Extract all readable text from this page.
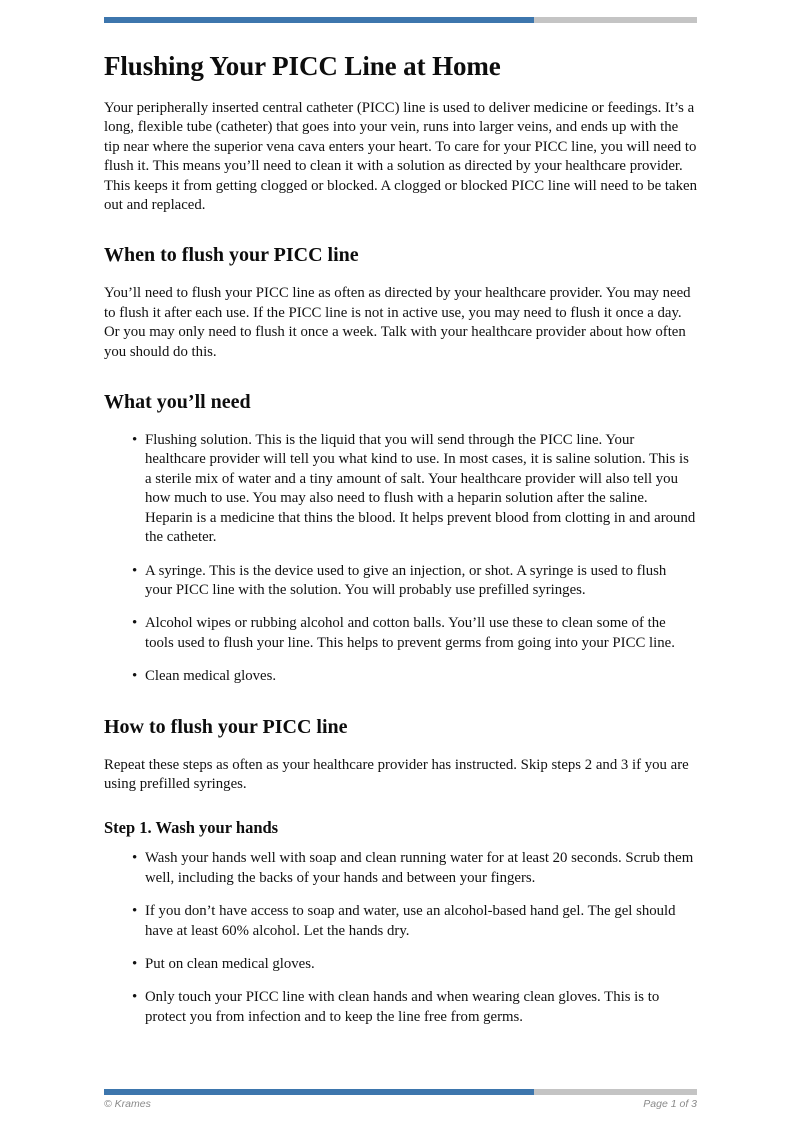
Flushing Your PICC Line at Home

Your peripherally inserted central catheter (PICC) line is used to deliver medicine or feedings. It’s a long, flexible tube (catheter) that goes into your vein, runs into larger veins, and ends up with the tip near where the superior vena cava enters your heart. To care for your PICC line, you will need to flush it. This means you’ll need to clean it with a solution as directed by your healthcare provider. This keeps it from getting clogged or blocked. A clogged or blocked PICC line will need to be taken out and replaced.

When to flush your PICC line

You’ll need to flush your PICC line as often as directed by your healthcare provider. You may need to flush it after each use. If the PICC line is not in active use, you may need to flush it once a day. Or you may only need to flush it once a week. Talk with your healthcare provider about how often you should do this.

What you’ll need
• Flushing solution. This is the liquid that you will send through the PICC line. Your healthcare provider will tell you what kind to use. In most cases, it is saline solution. This is a sterile mix of water and a tiny amount of salt. Your healthcare provider will also tell you how much to use. You may also need to flush with a heparin solution after the saline. Heparin is a medicine that thins the blood. It helps prevent blood from clotting in and around the catheter.
• A syringe. This is the device used to give an injection, or shot. A syringe is used to flush your PICC line with the solution. You will probably use prefilled syringes.
• Alcohol wipes or rubbing alcohol and cotton balls. You’ll use these to clean some of the tools used to flush your line. This helps to prevent germs from going into your PICC line.
• Clean medical gloves.
How to flush your PICC line

Repeat these steps as often as your healthcare provider has instructed. Skip steps 2 and 3 if you are using prefilled syringes.

Step 1. Wash your hands
• Wash your hands well with soap and clean running water for at least 20 seconds. Scrub them well, including the backs of your hands and between your fingers.
• If you don’t have access to soap and water, use an alcohol-based hand gel. The gel should have at least 60% alcohol. Let the hands dry.
• Put on clean medical gloves.
• Only touch your PICC line with clean hands and when wearing clean gloves. This is to protect you from infection and to keep the line free from germs.
© Krames	Page 1 of 3
